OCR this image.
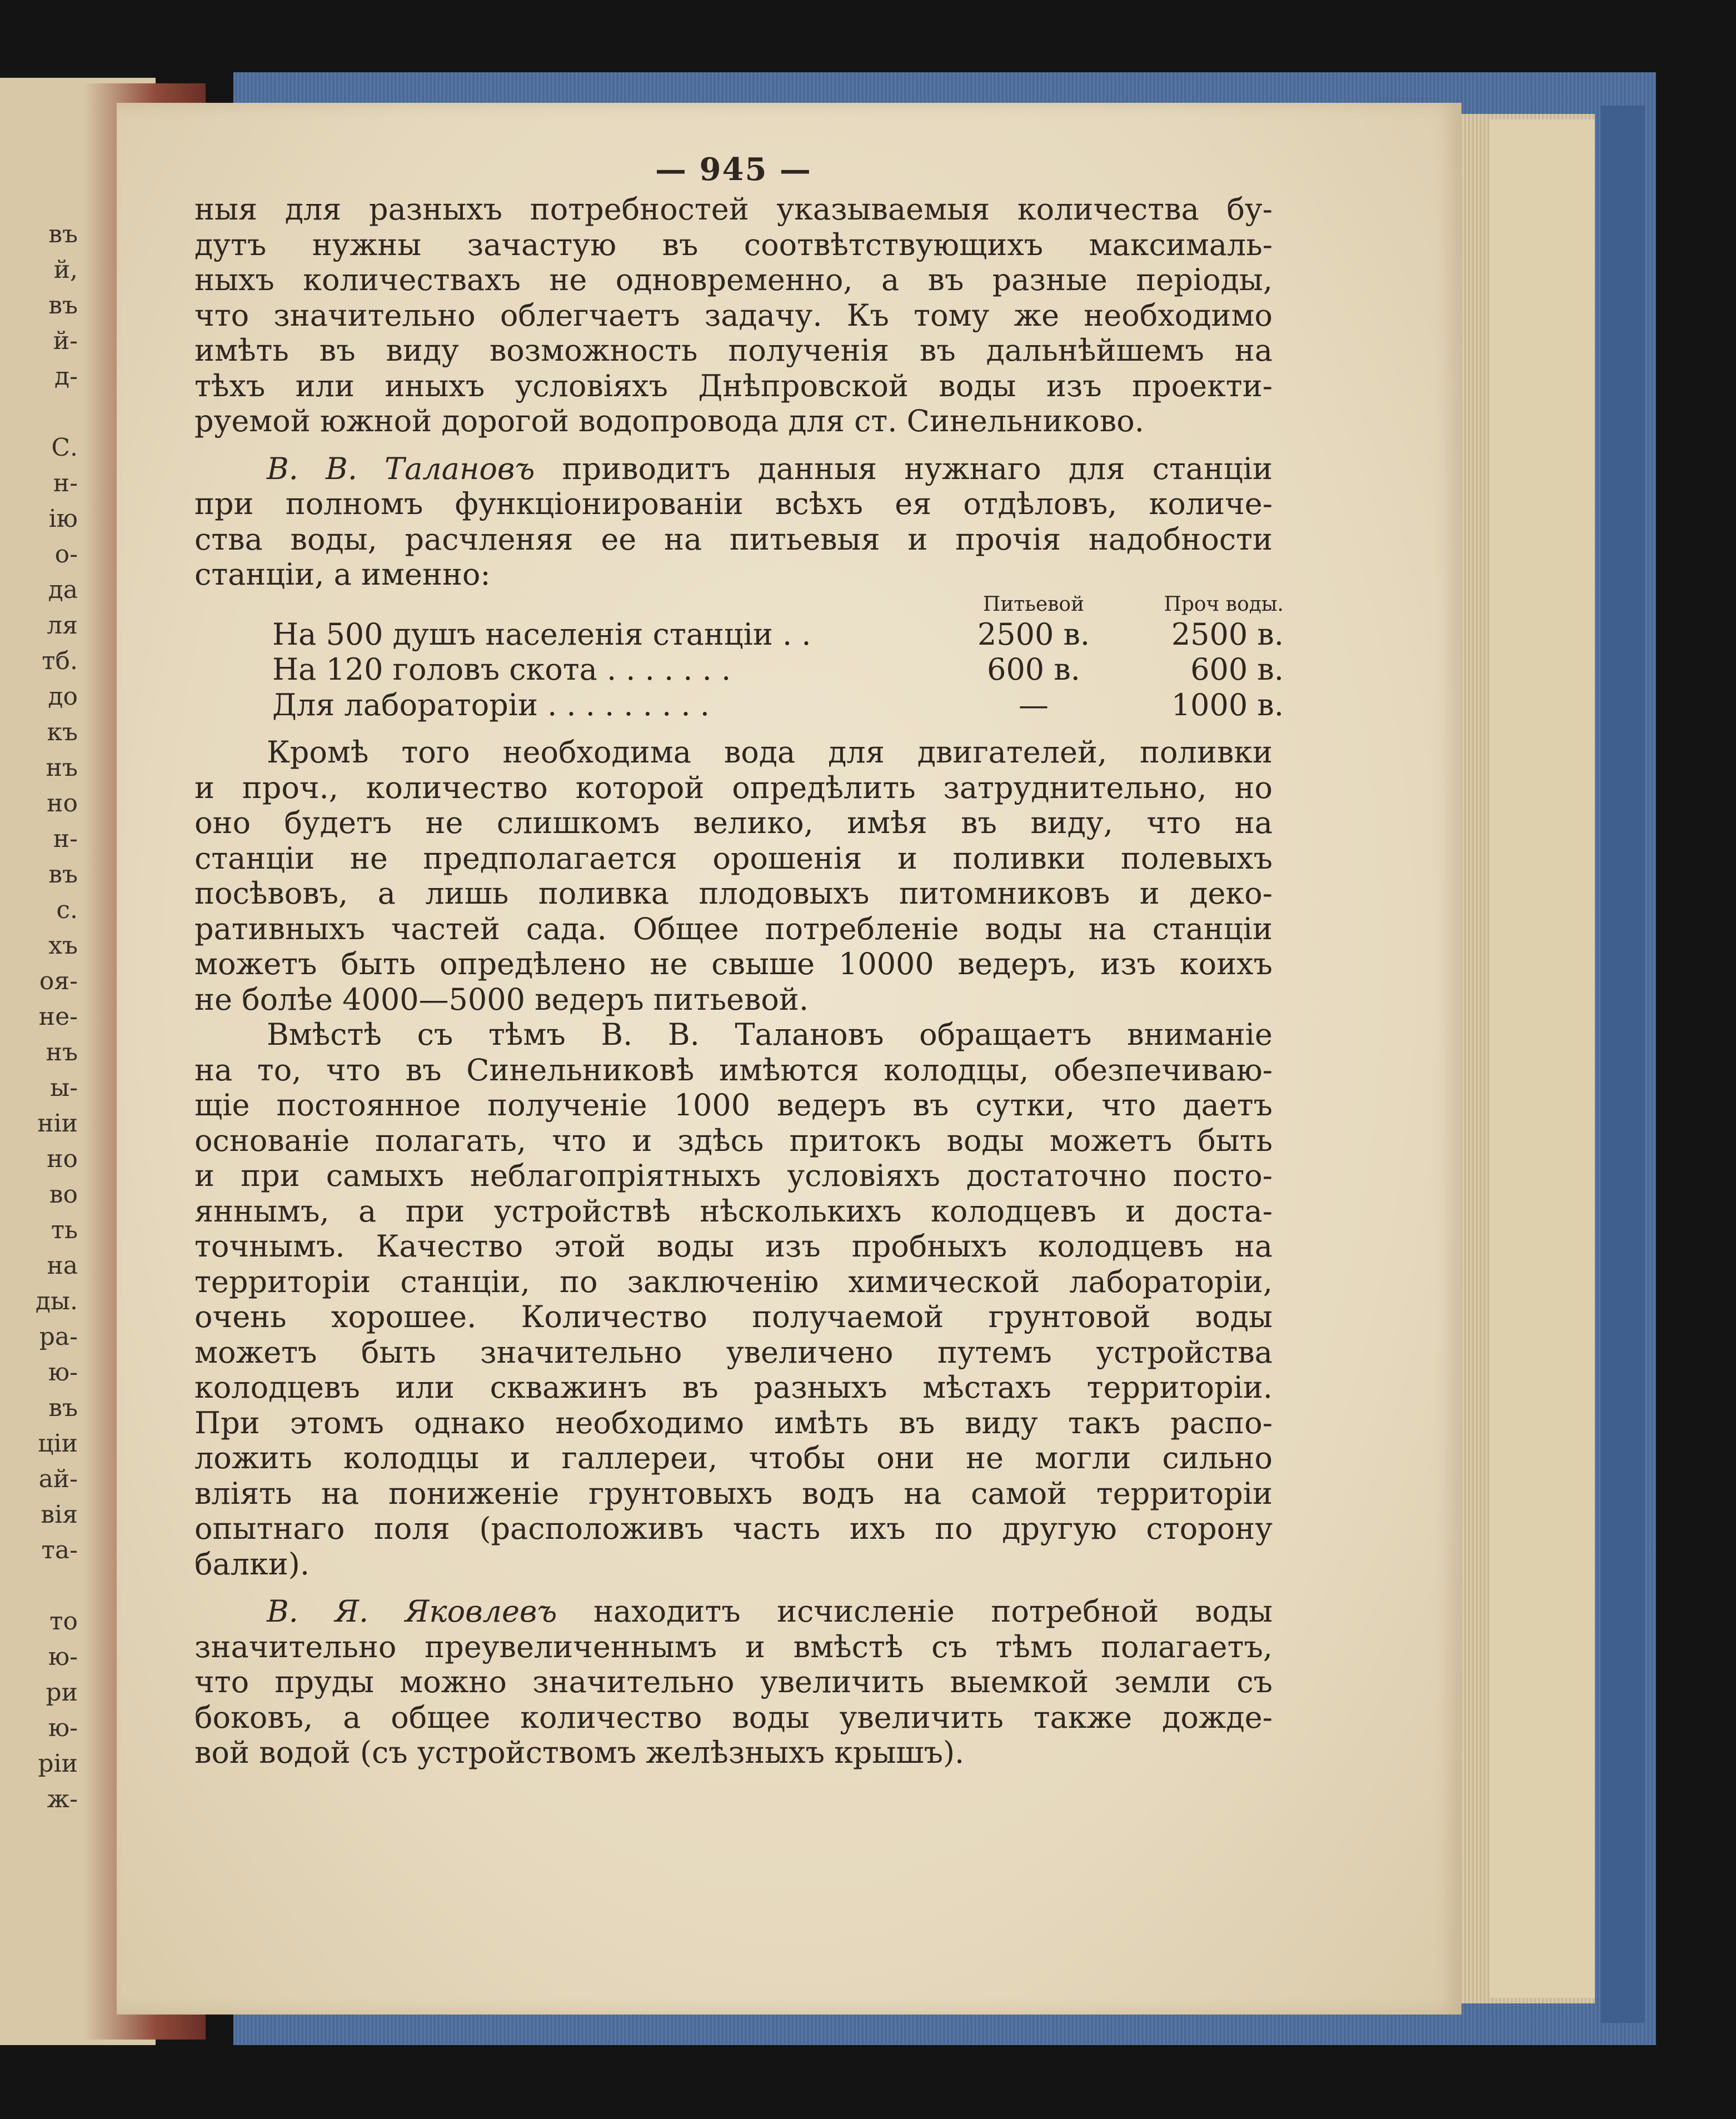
въ
й,
въ
й-
д-
С.
н-
ію
о-
да
ля
тб.
до
къ
нъ
но
н-
въ
с.
хъ
оя-
не-
нъ
ы-
ніи
но
во
ть
на
ды.
ра-
ю-
въ
ціи
ай-
вія
та-
то
ю-
ри
ю-
ріи
ж-
— 945 —
ныя для разныхъ потребностей указываемыя количества бу-
дутъ нужны зачастую въ соотвѣтствующихъ максималь-
ныхъ количествахъ не одновременно, а въ разные періоды,
что значительно облегчаетъ задачу. Къ тому же необходимо
имѣть въ виду возможность полученія въ дальнѣйшемъ на
тѣхъ или иныхъ условіяхъ Днѣпровской воды изъ проекти-
руемой южной дорогой водопровода для ст. Синельниково.
В. В. Талановъ приводитъ данныя нужнаго для станціи
при полномъ функціонированіи всѣхъ ея отдѣловъ, количе-
ства воды, расчленяя ее на питьевыя и прочія надобности
станціи, а именно:
Питьевой	Проч воды.
На 500 душъ населенія станціи . .	2500 в.	2500 в.
На 120 головъ скота . . . . . . .	600 в.	600 в.
Для лабораторіи . . . . . . . . .	—	1000 в.
Кромѣ того необходима вода для двигателей, поливки
и проч., количество которой опредѣлить затруднительно, но
оно будетъ не слишкомъ велико, имѣя въ виду, что на
станціи не предполагается орошенія и поливки полевыхъ
посѣвовъ, а лишь поливка плодовыхъ питомниковъ и деко-
ративныхъ частей сада. Общее потребленіе воды на станціи
можетъ быть опредѣлено не свыше 10000 ведеръ, изъ коихъ
не болѣе 4000—5000 ведеръ питьевой.
Вмѣстѣ съ тѣмъ В. В. Талановъ обращаетъ вниманіе
на то, что въ Синельниковѣ имѣются колодцы, обезпечиваю-
щіе постоянное полученіе 1000 ведеръ въ сутки, что даетъ
основаніе полагать, что и здѣсь притокъ воды можетъ быть
и при самыхъ неблагопріятныхъ условіяхъ достаточно посто-
яннымъ, а при устройствѣ нѣсколькихъ колодцевъ и доста-
точнымъ. Качество этой воды изъ пробныхъ колодцевъ на
территоріи станціи, по заключенію химической лабораторіи,
очень хорошее. Количество получаемой грунтовой воды
можетъ быть значительно увеличено путемъ устройства
колодцевъ или скважинъ въ разныхъ мѣстахъ территоріи.
При этомъ однако необходимо имѣть въ виду такъ распо-
ложить колодцы и галлереи, чтобы они не могли сильно
вліять на пониженіе грунтовыхъ водъ на самой территоріи
опытнаго поля (расположивъ часть ихъ по другую сторону
балки).
В. Я. Яковлевъ находитъ исчисленіе потребной воды
значительно преувеличеннымъ и вмѣстѣ съ тѣмъ полагаетъ,
что пруды можно значительно увеличить выемкой земли съ
боковъ, а общее количество воды увеличить также дожде-
вой водой (съ устройствомъ желѣзныхъ крышъ).
